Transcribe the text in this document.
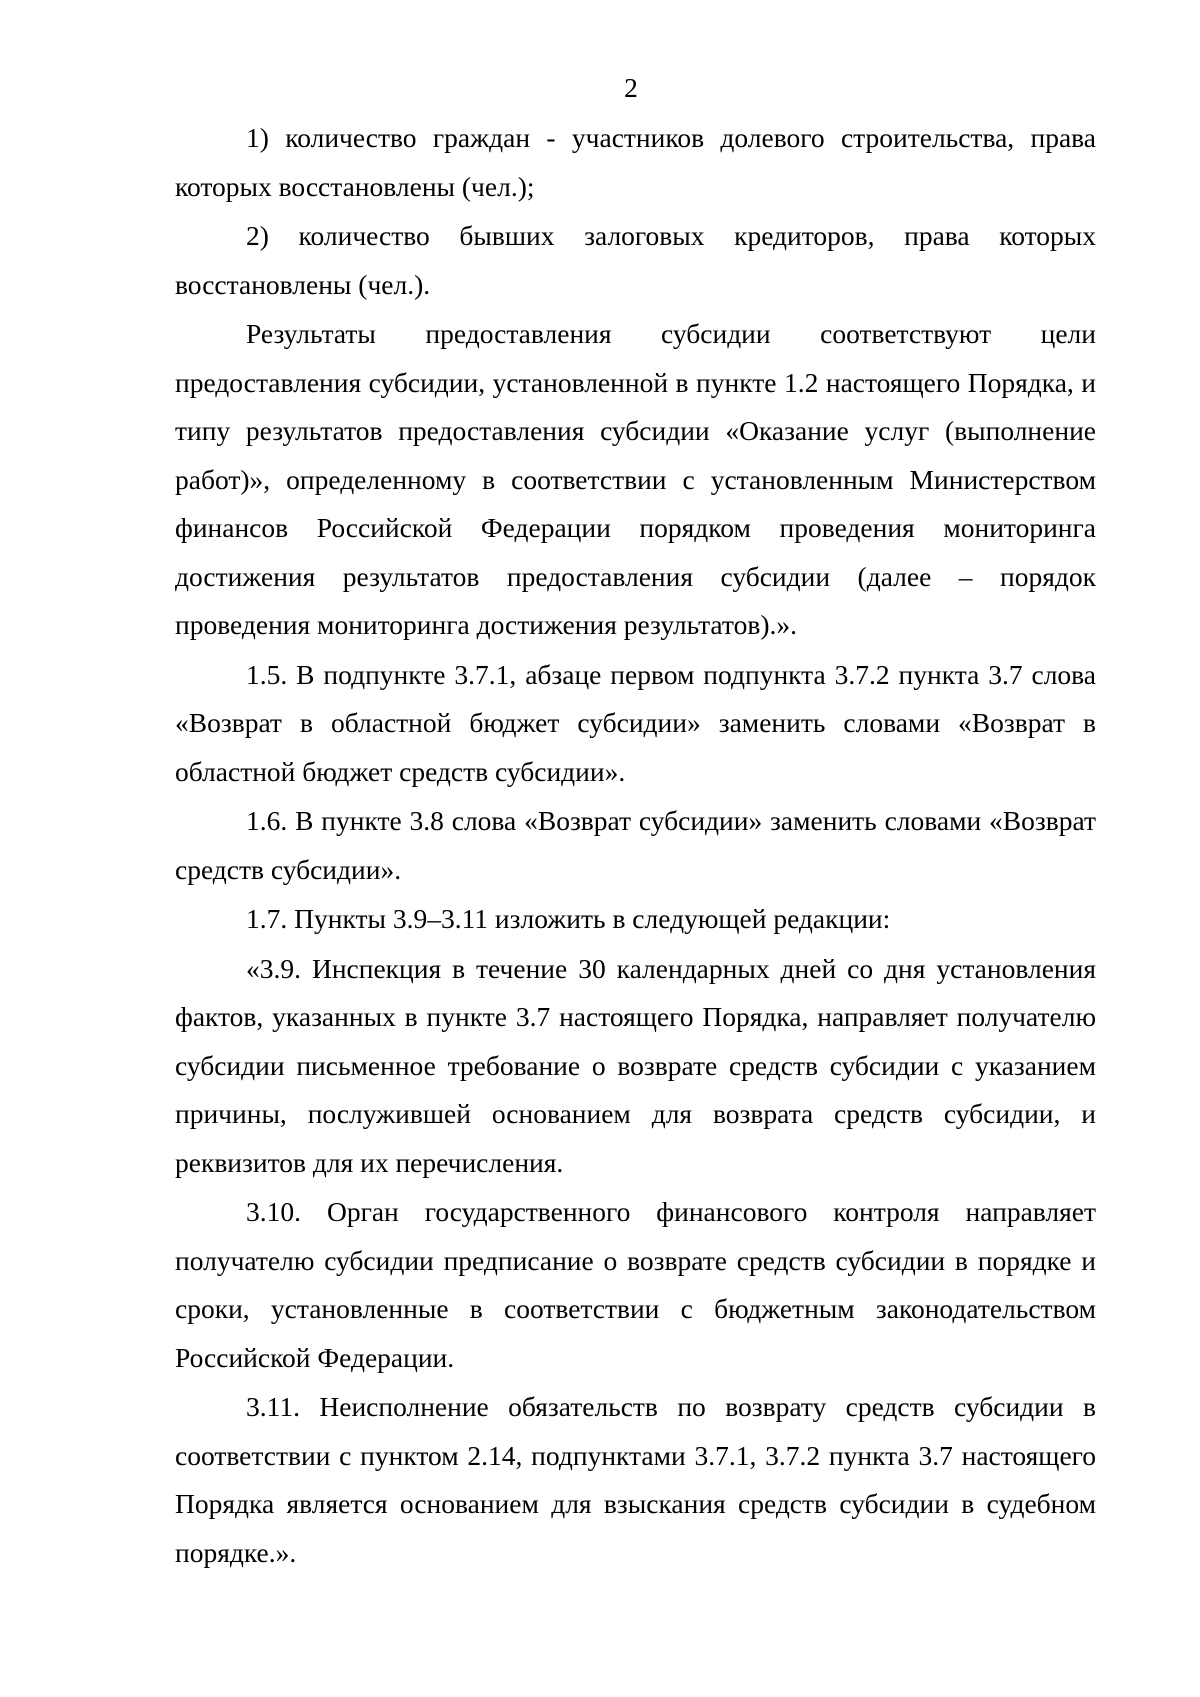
2

1) количество граждан - участников долевого строительства, права которых восстановлены (чел.);

2) количество бывших залоговых кредиторов, права которых восстановлены (чел.).

Результаты предоставления субсидии соответствуют цели предоставления субсидии, установленной в пункте 1.2 настоящего Порядка, и типу результатов предоставления субсидии «Оказание услуг (выполнение работ)», определенному в соответствии с установленным Министерством финансов Российской Федерации порядком проведения мониторинга достижения результатов предоставления субсидии (далее – порядок проведения мониторинга достижения результатов).».

1.5. В подпункте 3.7.1, абзаце первом подпункта 3.7.2 пункта 3.7 слова «Возврат в областной бюджет субсидии» заменить словами «Возврат в областной бюджет средств субсидии».

1.6. В пункте 3.8 слова «Возврат субсидии» заменить словами «Возврат средств субсидии».

1.7. Пункты 3.9–3.11 изложить в следующей редакции:

«3.9. Инспекция в течение 30 календарных дней со дня установления фактов, указанных в пункте 3.7 настоящего Порядка, направляет получателю субсидии письменное требование о возврате средств субсидии с указанием причины, послужившей основанием для возврата средств субсидии, и реквизитов для их перечисления.

3.10. Орган государственного финансового контроля направляет получателю субсидии предписание о возврате средств субсидии в порядке и сроки, установленные в соответствии с бюджетным законодательством Российской Федерации.

3.11. Неисполнение обязательств по возврату средств субсидии в соответствии с пунктом 2.14, подпунктами 3.7.1, 3.7.2 пункта 3.7 настоящего Порядка является основанием для взыскания средств субсидии в судебном порядке.».
